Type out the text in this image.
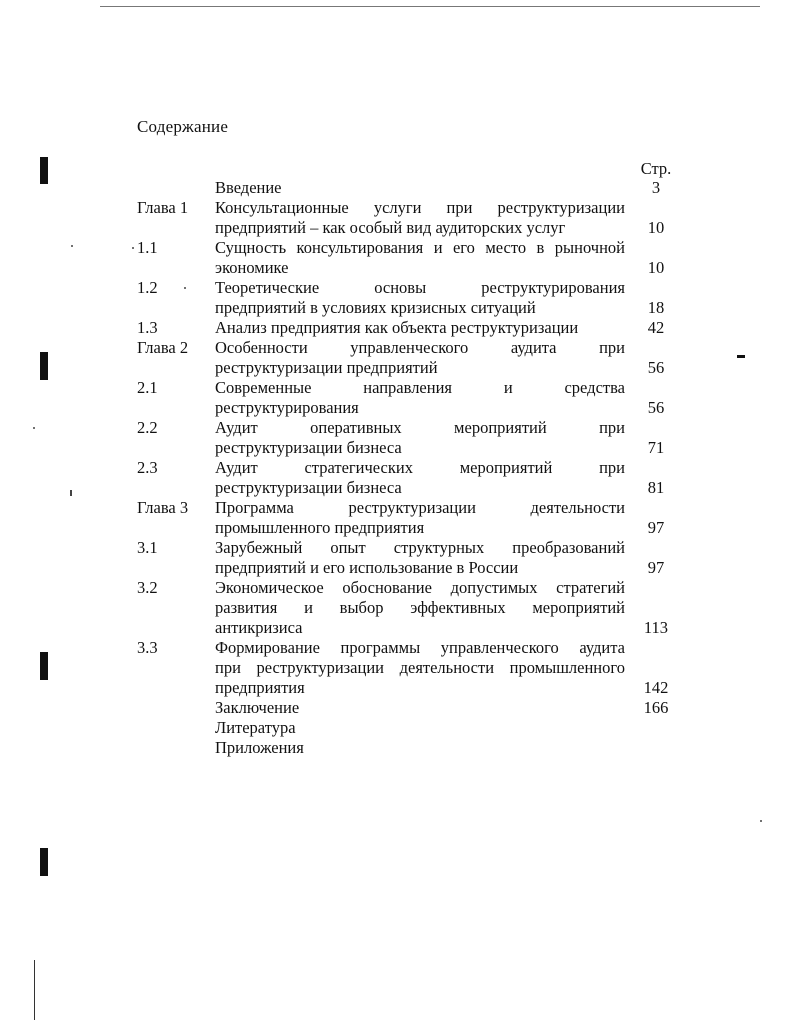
Содержание
Стр.
Введение	3
Глава 1 Консультационные услуги при реструктуризации
предприятий – как особый вид аудиторских услуг	10
1.1	Сущность консультирования и его место в рыночной
экономике	10
1.2	Теоретические основы реструктурирования
предприятий в условиях кризисных ситуаций	18
1.3	Анализ предприятия как объекта реструктуризации	42
Глава 2 Особенности управленческого аудита при
реструктуризации предприятий	56
2.1	Современные направления и средства
реструктурирования	56
2.2	Аудит оперативных мероприятий при
реструктуризации бизнеса	71
2.3	Аудит стратегических мероприятий при
реструктуризации бизнеса	81
Глава 3 Программа реструктуризации деятельности
промышленного предприятия	97
3.1	Зарубежный опыт структурных преобразований
предприятий и его использование в России	97
3.2	Экономическое обоснование допустимых стратегий
развития и выбор эффективных мероприятий
антикризиса	113
3.3	Формирование программы управленческого аудита
при реструктуризации деятельности промышленного
предприятия	142
Заключение	166
Литература
Приложения
